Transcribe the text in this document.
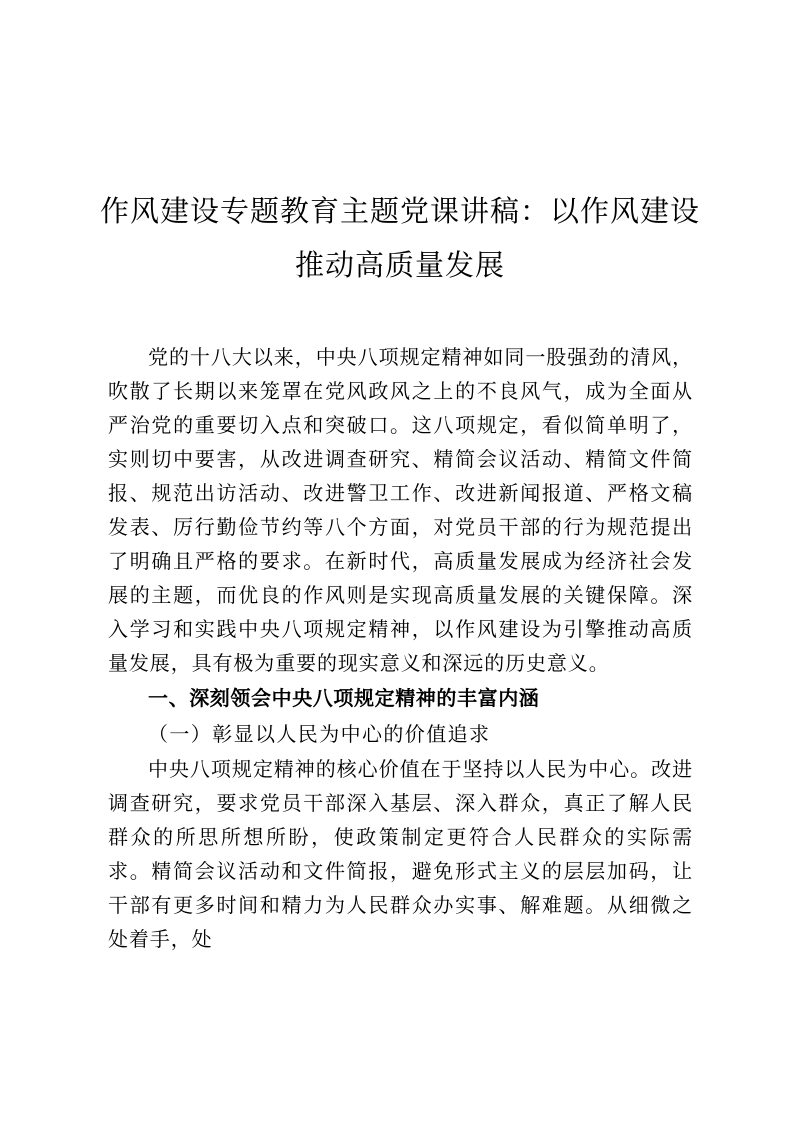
作风建设专题教育主题党课讲稿：以作风建设
推动高质量发展

党的十八大以来，中央八项规定精神如同一股强劲的清风，吹散了长期以来笼罩在党风政风之上的不良风气，成为全面从严治党的重要切入点和突破口。这八项规定，看似简单明了，实则切中要害，从改进调查研究、精简会议活动、精简文件简报、规范出访活动、改进警卫工作、改进新闻报道、严格文稿发表、厉行勤俭节约等八个方面，对党员干部的行为规范提出了明确且严格的要求。在新时代，高质量发展成为经济社会发展的主题，而优良的作风则是实现高质量发展的关键保障。深入学习和实践中央八项规定精神，以作风建设为引擎推动高质量发展，具有极为重要的现实意义和深远的历史意义。

一、深刻领会中央八项规定精神的丰富内涵

（一）彰显以人民为中心的价值追求

中央八项规定精神的核心价值在于坚持以人民为中心。改进调查研究，要求党员干部深入基层、深入群众，真正了解人民群众的所思所想所盼，使政策制定更符合人民群众的实际需求。精简会议活动和文件简报，避免形式主义的层层加码，让干部有更多时间和精力为人民群众办实事、解难题。从细微之处着手，处
